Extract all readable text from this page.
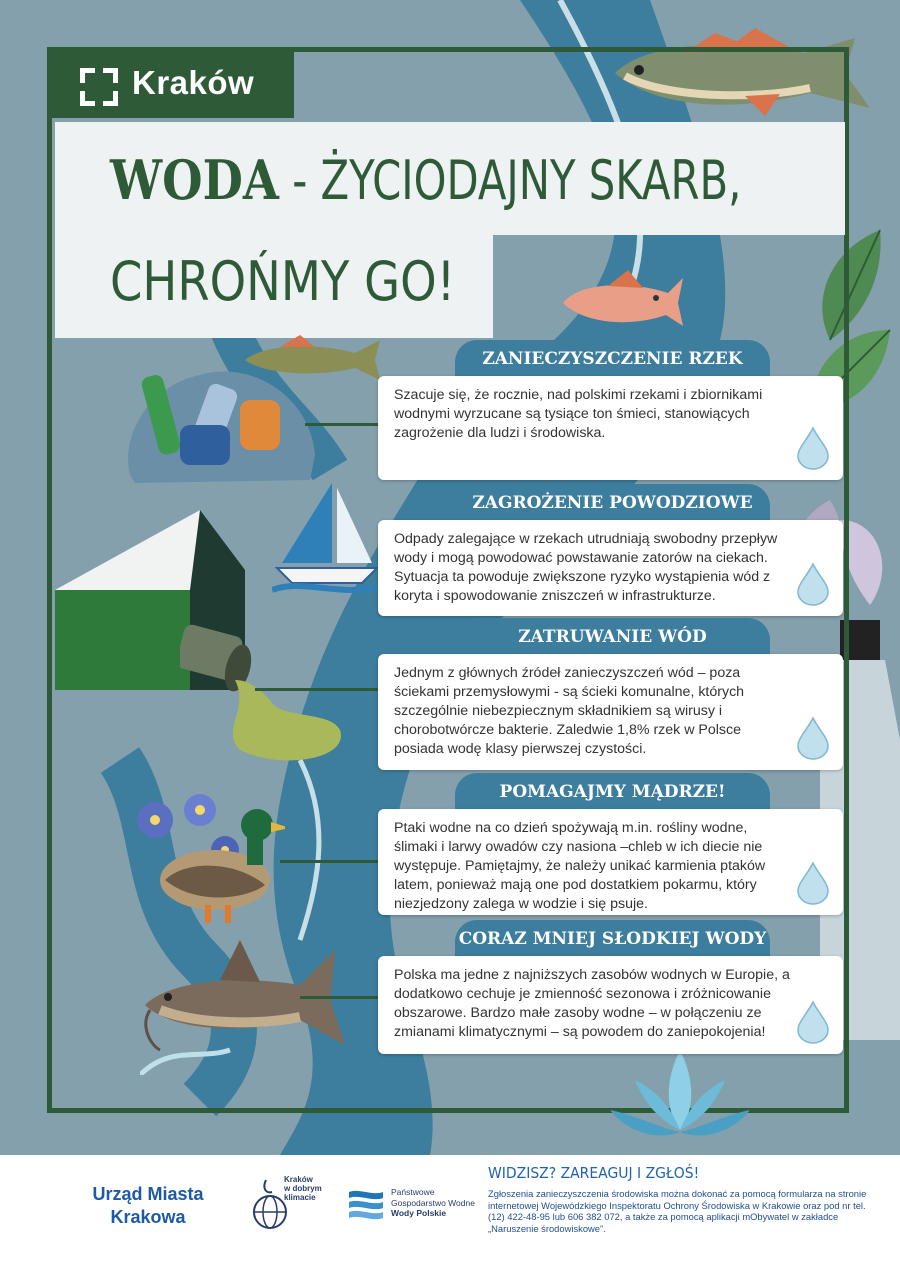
Kraków
WODA - ŻYCIODAJNY SKARB,
CHROŃMY GO!
ZANIECZYSZCZENIE RZEK
Szacuje się, że rocznie, nad polskimi rzekami i zbiornikami wodnymi wyrzucane są tysiące ton śmieci, stanowiących zagrożenie dla ludzi i środowiska.
ZAGROŻENIE POWODZIOWE
Odpady zalegające w rzekach utrudniają swobodny przepływ wody i mogą powodować powstawanie zatorów na ciekach. Sytuacja ta powoduje zwiększone ryzyko wystąpienia wód z koryta i spowodowanie zniszczeń w infrastrukturze.
ZATRUWANIE WÓD
Jednym z głównych źródeł zanieczyszczeń wód – poza ściekami przemysłowymi - są ścieki komunalne, których szczególnie niebezpiecznym składnikiem są wirusy i chorobotwórcze bakterie. Zaledwie 1,8% rzek w Polsce posiada wodę klasy pierwszej czystości.
POMAGAJMY MĄDRZE!
Ptaki wodne na co dzień spożywają m.in. rośliny wodne, ślimaki i larwy owadów czy nasiona –chleb w ich diecie nie występuje. Pamiętajmy, że należy unikać karmienia ptaków latem, ponieważ mają one pod dostatkiem pokarmu, który niezjedzony zalega w wodzie i się psuje.
CORAZ MNIEJ SŁODKIEJ WODY
Polska ma jedne z najniższych zasobów wodnych w Europie, a dodatkowo cechuje je zmienność sezonowa i zróżnicowanie obszarowe. Bardzo małe zasoby wodne – w połączeniu ze zmianami klimatycznymi – są powodem do zaniepokojenia!
Urząd Miasta
Krakowa
Kraków
w dobrym
klimacie
Państwowe
Gospodarstwo Wodne
Wody Polskie
WIDZISZ? ZAREAGUJ I ZGŁOŚ!
Zgłoszenia zanieczyszczenia środowiska można dokonać za pomocą formularza na stronie internetowej Wojewódzkiego Inspektoratu Ochrony Środowiska w Krakowie oraz pod nr tel. (12) 422-48-95 lub 606 382 072, a także za pomocą aplikacji mObywatel w zakładce „Naruszenie środowiskowe”.
